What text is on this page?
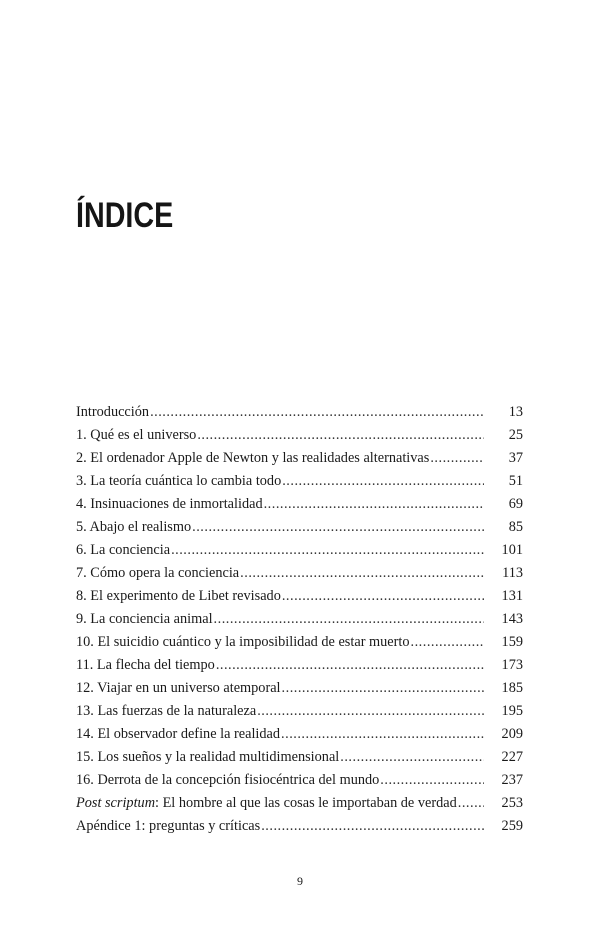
ÍNDICE
Introducción .....	13
1. Qué es el universo .....	25
2. El ordenador Apple de Newton y las realidades alternativas .....	37
3. La teoría cuántica lo cambia todo .....	51
4. Insinuaciones de inmortalidad .....	69
5. Abajo el realismo .....	85
6. La conciencia .....	101
7. Cómo opera la conciencia .....	113
8. El experimento de Libet revisado .....	131
9. La conciencia animal .....	143
10. El suicidio cuántico y la imposibilidad de estar muerto .....	159
11. La flecha del tiempo .....	173
12. Viajar en un universo atemporal .....	185
13. Las fuerzas de la naturaleza .....	195
14. El observador define la realidad .....	209
15. Los sueños y la realidad multidimensional .....	227
16. Derrota de la concepción fisiocéntrica del mundo .....	237
Post scriptum: El hombre al que las cosas le importaban de verdad .....	253
Apéndice 1: preguntas y críticas .....	259
9
